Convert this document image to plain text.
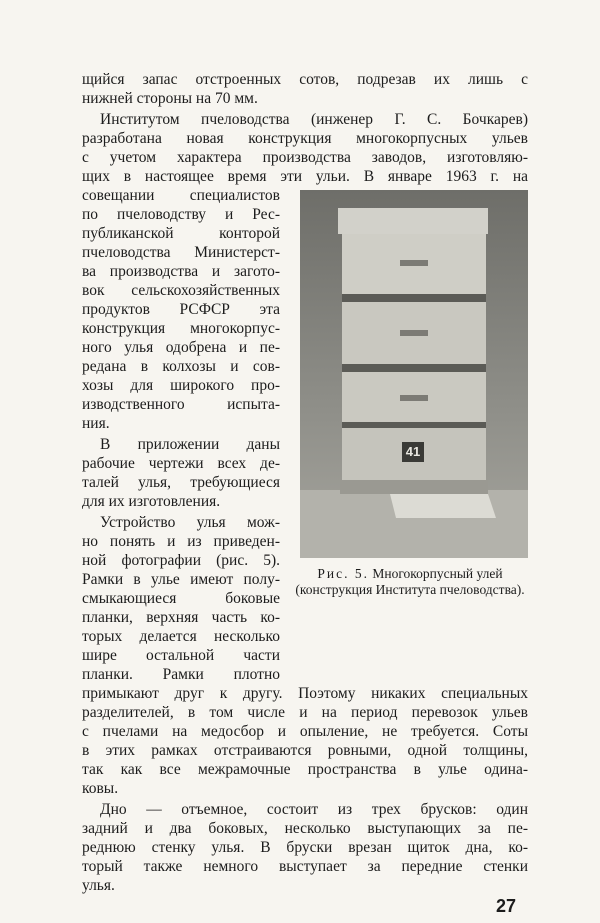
щийся запас отстроенных сотов, подрезав их лишь с
нижней стороны на 70 мм.
Институтом пчеловодства (инженер Г. С. Бочкарев)
разработана новая конструкция многокорпусных ульев
с учетом характера производства заводов, изготовляю-
щих в настоящее время эти ульи. В январе 1963 г. на
совещании специалистов
по пчеловодству и Рес-
публиканской конторой
пчеловодства Министерст-
ва производства и загото-
вок сельскохозяйственных
продуктов РСФСР эта
конструкция многокорпус-
ного улья одобрена и пе-
редана в колхозы и сов-
хозы для широкого про-
изводственного испыта-
ния.
В приложении даны
рабочие чертежи всех де-
талей улья, требующиеся
для их изготовления.
Устройство улья мож-
но понять и из приведен-
ной фотографии (рис. 5).
Рамки в улье имеют полу-
смыкающиеся боковые
планки, верхняя часть ко-
торых делается несколько
шире остальной части
планки. Рамки плотно
41
Рис. 5. Многокорпусный улей (конструкция Института пчеловодства).
примыкают друг к другу. Поэтому никаких специальных
разделителей, в том числе и на период перевозок ульев
с пчелами на медосбор и опыление, не требуется. Соты
в этих рамках отстраиваются ровными, одной толщины,
так как все межрамочные пространства в улье одина-
ковы.
Дно — отъемное, состоит из трех брусков: один
задний и два боковых, несколько выступающих за пе-
реднюю стенку улья. В бруски врезан щиток дна, ко-
торый также немного выступает за передние стенки
улья.
27
